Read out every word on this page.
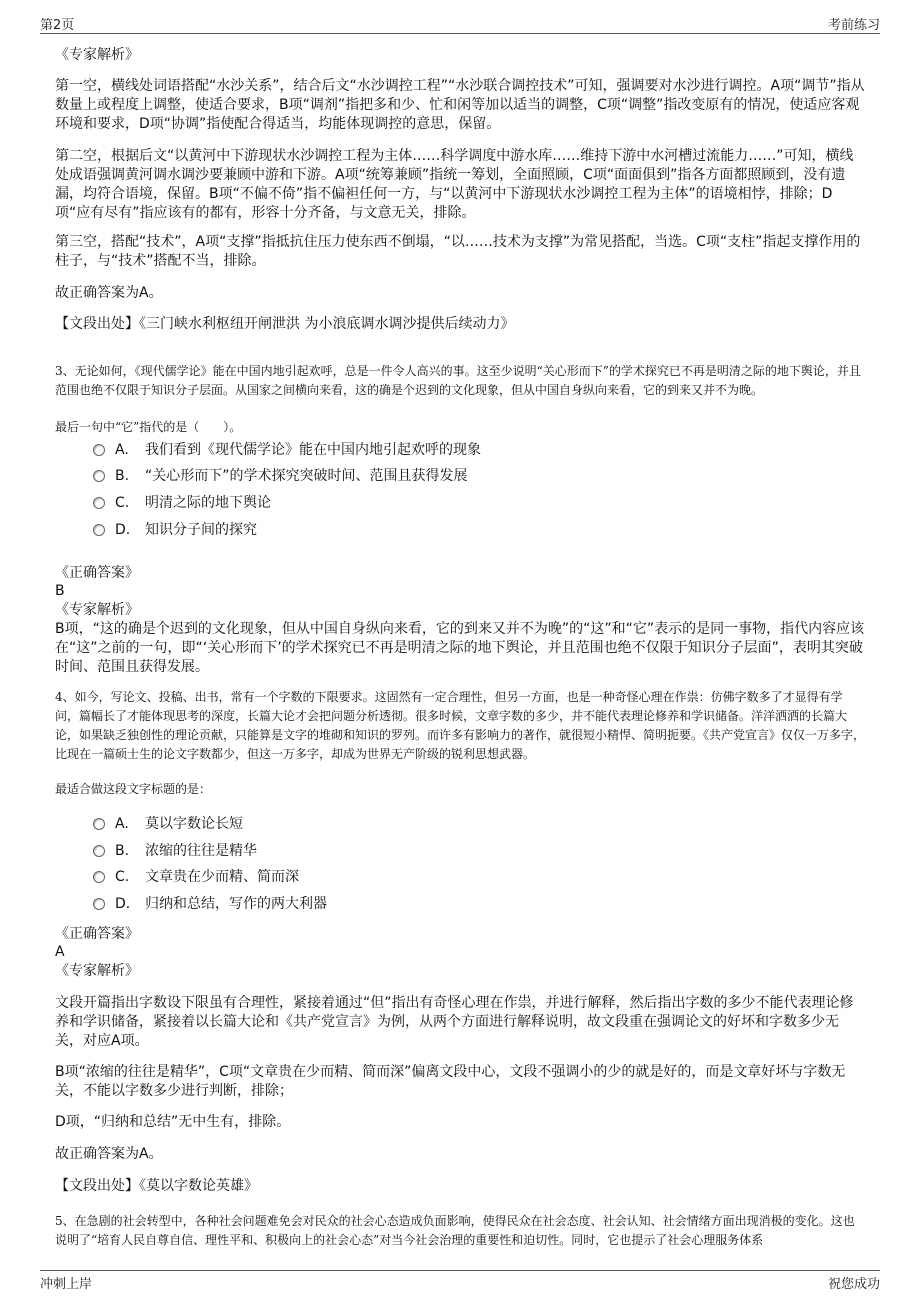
第2页	考前练习
《专家解析》
第一空，横线处词语搭配“水沙关系”，结合后文“水沙调控工程”“水沙联合调控技术”可知，强调要对水沙进行调控。A项“调节”指从数量上或程度上调整，使适合要求，B项“调剂”指把多和少、忙和闲等加以适当的调整，C项“调整”指改变原有的情况，使适应客观环境和要求，D项“协调”指使配合得适当，均能体现调控的意思，保留。
第二空，根据后文“以黄河中下游现状水沙调控工程为主体……科学调度中游水库……维持下游中水河槽过流能力……”可知，横线处成语强调黄河调水调沙要兼顾中游和下游。A项“统筹兼顾”指统一筹划，全面照顾，C项“面面俱到”指各方面都照顾到，没有遗漏，均符合语境，保留。B项“不偏不倚”指不偏袒任何一方，与“以黄河中下游现状水沙调控工程为主体”的语境相悖，排除；D项“应有尽有”指应该有的都有，形容十分齐备，与文意无关，排除。
第三空，搭配“技术”，A项“支撑”指抵抗住压力使东西不倒塌，“以……技术为支撑”为常见搭配，当选。C项“支柱”指起支撑作用的柱子，与“技术”搭配不当，排除。
故正确答案为A。
【文段出处】《三门峡水利枢纽开闸泄洪 为小浪底调水调沙提供后续动力》
3、无论如何，《现代儒学论》能在中国内地引起欢呼，总是一件令人高兴的事。这至少说明“关心形而下”的学术探究已不再是明清之际的地下舆论，并且范围也绝不仅限于知识分子层面。从国家之间横向来看，这的确是个迟到的文化现象，但从中国自身纵向来看，它的到来又并不为晚。
最后一句中“它”指代的是（　　）。
A. 我们看到《现代儒学论》能在中国内地引起欢呼的现象
B. “关心形而下”的学术探究突破时间、范围且获得发展
C. 明清之际的地下舆论
D. 知识分子间的探究
《正确答案》
B
《专家解析》
B项，“这的确是个迟到的文化现象，但从中国自身纵向来看，它的到来又并不为晚”的“这”和“它”表示的是同一事物，指代内容应该在“这”之前的一句，即“‘关心形而下’的学术探究已不再是明清之际的地下舆论，并且范围也绝不仅限于知识分子层面”，表明其突破时间、范围且获得发展。
4、如今，写论文、投稿、出书，常有一个字数的下限要求。这固然有一定合理性，但另一方面，也是一种奇怪心理在作祟：仿佛字数多了才显得有学问，篇幅长了才能体现思考的深度，长篇大论才会把问题分析透彻。很多时候，文章字数的多少，并不能代表理论修养和学识储备。洋洋洒洒的长篇大论，如果缺乏独创性的理论贡献，只能算是文字的堆砌和知识的罗列。而许多有影响力的著作，就很短小精悍、简明扼要。《共产党宣言》仅仅一万多字，比现在一篇硕士生的论文字数都少，但这一万多字，却成为世界无产阶级的锐利思想武器。
最适合做这段文字标题的是：
A. 莫以字数论长短
B. 浓缩的往往是精华
C. 文章贵在少而精、简而深
D. 归纳和总结，写作的两大利器
《正确答案》
A
《专家解析》
文段开篇指出字数设下限虽有合理性，紧接着通过“但”指出有奇怪心理在作祟，并进行解释，然后指出字数的多少不能代表理论修养和学识储备，紧接着以长篇大论和《共产党宣言》为例，从两个方面进行解释说明，故文段重在强调论文的好坏和字数多少无关，对应A项。
B项“浓缩的往往是精华”，C项“文章贵在少而精、简而深”偏离文段中心，文段不强调小的少的就是好的，而是文章好坏与字数无关，不能以字数多少进行判断，排除；
D项，“归纳和总结”无中生有，排除。
故正确答案为A。
【文段出处】《莫以字数论英雄》
5、在急剧的社会转型中，各种社会问题难免会对民众的社会心态造成负面影响，使得民众在社会态度、社会认知、社会情绪方面出现消极的变化。这也说明了“培育人民自尊自信、理性平和、积极向上的社会心态”对当今社会治理的重要性和迫切性。同时，它也提示了社会心理服务体系
冲刺上岸	祝您成功
